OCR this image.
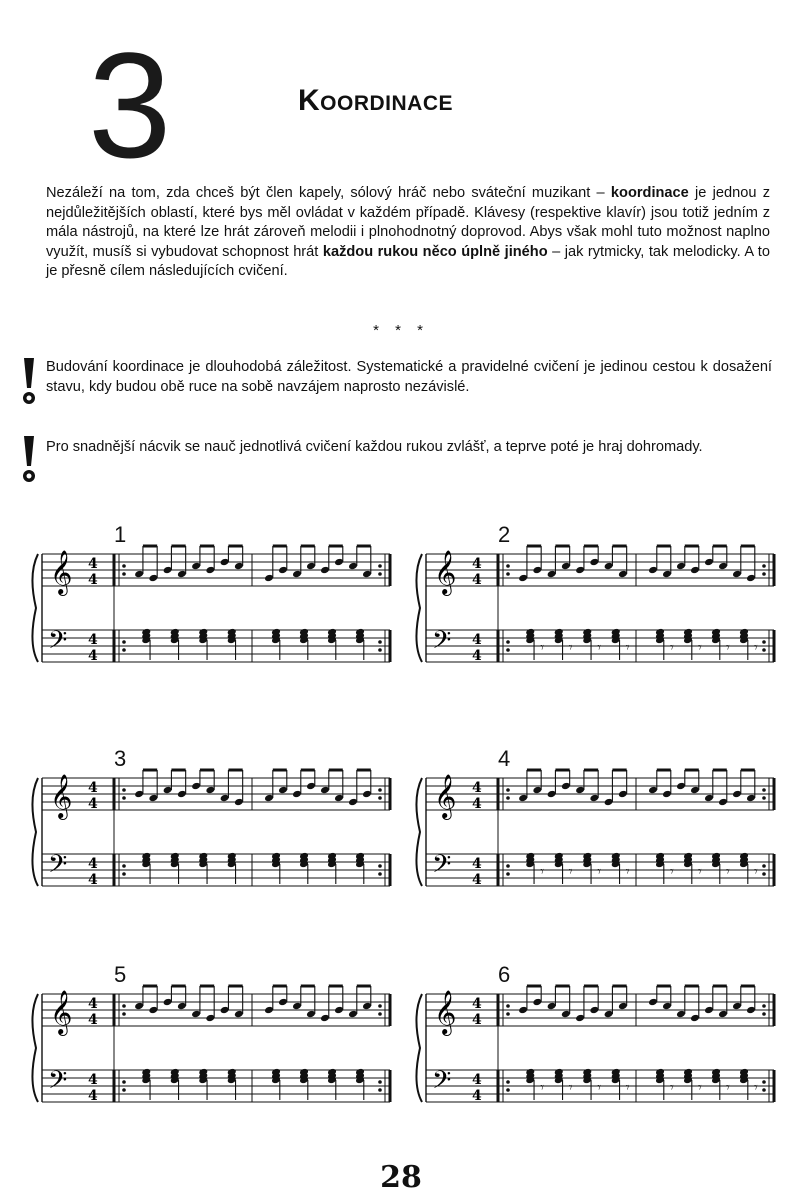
3	Koordinace
Nezáleží na tom, zda chceš být člen kapely, sólový hráč nebo sváteční muzikant – koordinace je jednou z nejdůležitějších oblastí, které bys měl ovládat v každém případě. Klávesy (respektive klavír) jsou totiž jedním z mála nástrojů, na které lze hrát zároveň melodii i plnohodnotný doprovod. Abys však mohl tuto možnost naplno využít, musíš si vybudovat schopnost hrát každou rukou něco úplně jiného – jak rytmicky, tak melodicky. A to je přesně cílem následujících cvičení.
* * *
Budování koordinace je dlouhodobá záležitost. Systematické a pravidelné cvičení je jedinou cestou k dosažení stavu, kdy budou obě ruce na sobě navzájem naprosto nezávislé.
Pro snadnější nácvik se nauč jednotlivá cvičení každou rukou zvlášť, a teprve poté je hraj dohromady.
1
𝄞
𝄢
4
4
4
4
2
𝄞
𝄢
4
4
4
4	𝄾 𝄾 𝄾 𝄾	𝄾 𝄾 𝄾 𝄾
3
𝄞
𝄢
4
4
4
4
4
𝄞
𝄢
4
4
4
4	𝄾 𝄾 𝄾 𝄾	𝄾 𝄾 𝄾 𝄾
5
𝄞
𝄢
4
4
4
4
6
𝄞
𝄢
4
4
4
4	𝄾 𝄾 𝄾 𝄾	𝄾 𝄾 𝄾 𝄾
28
